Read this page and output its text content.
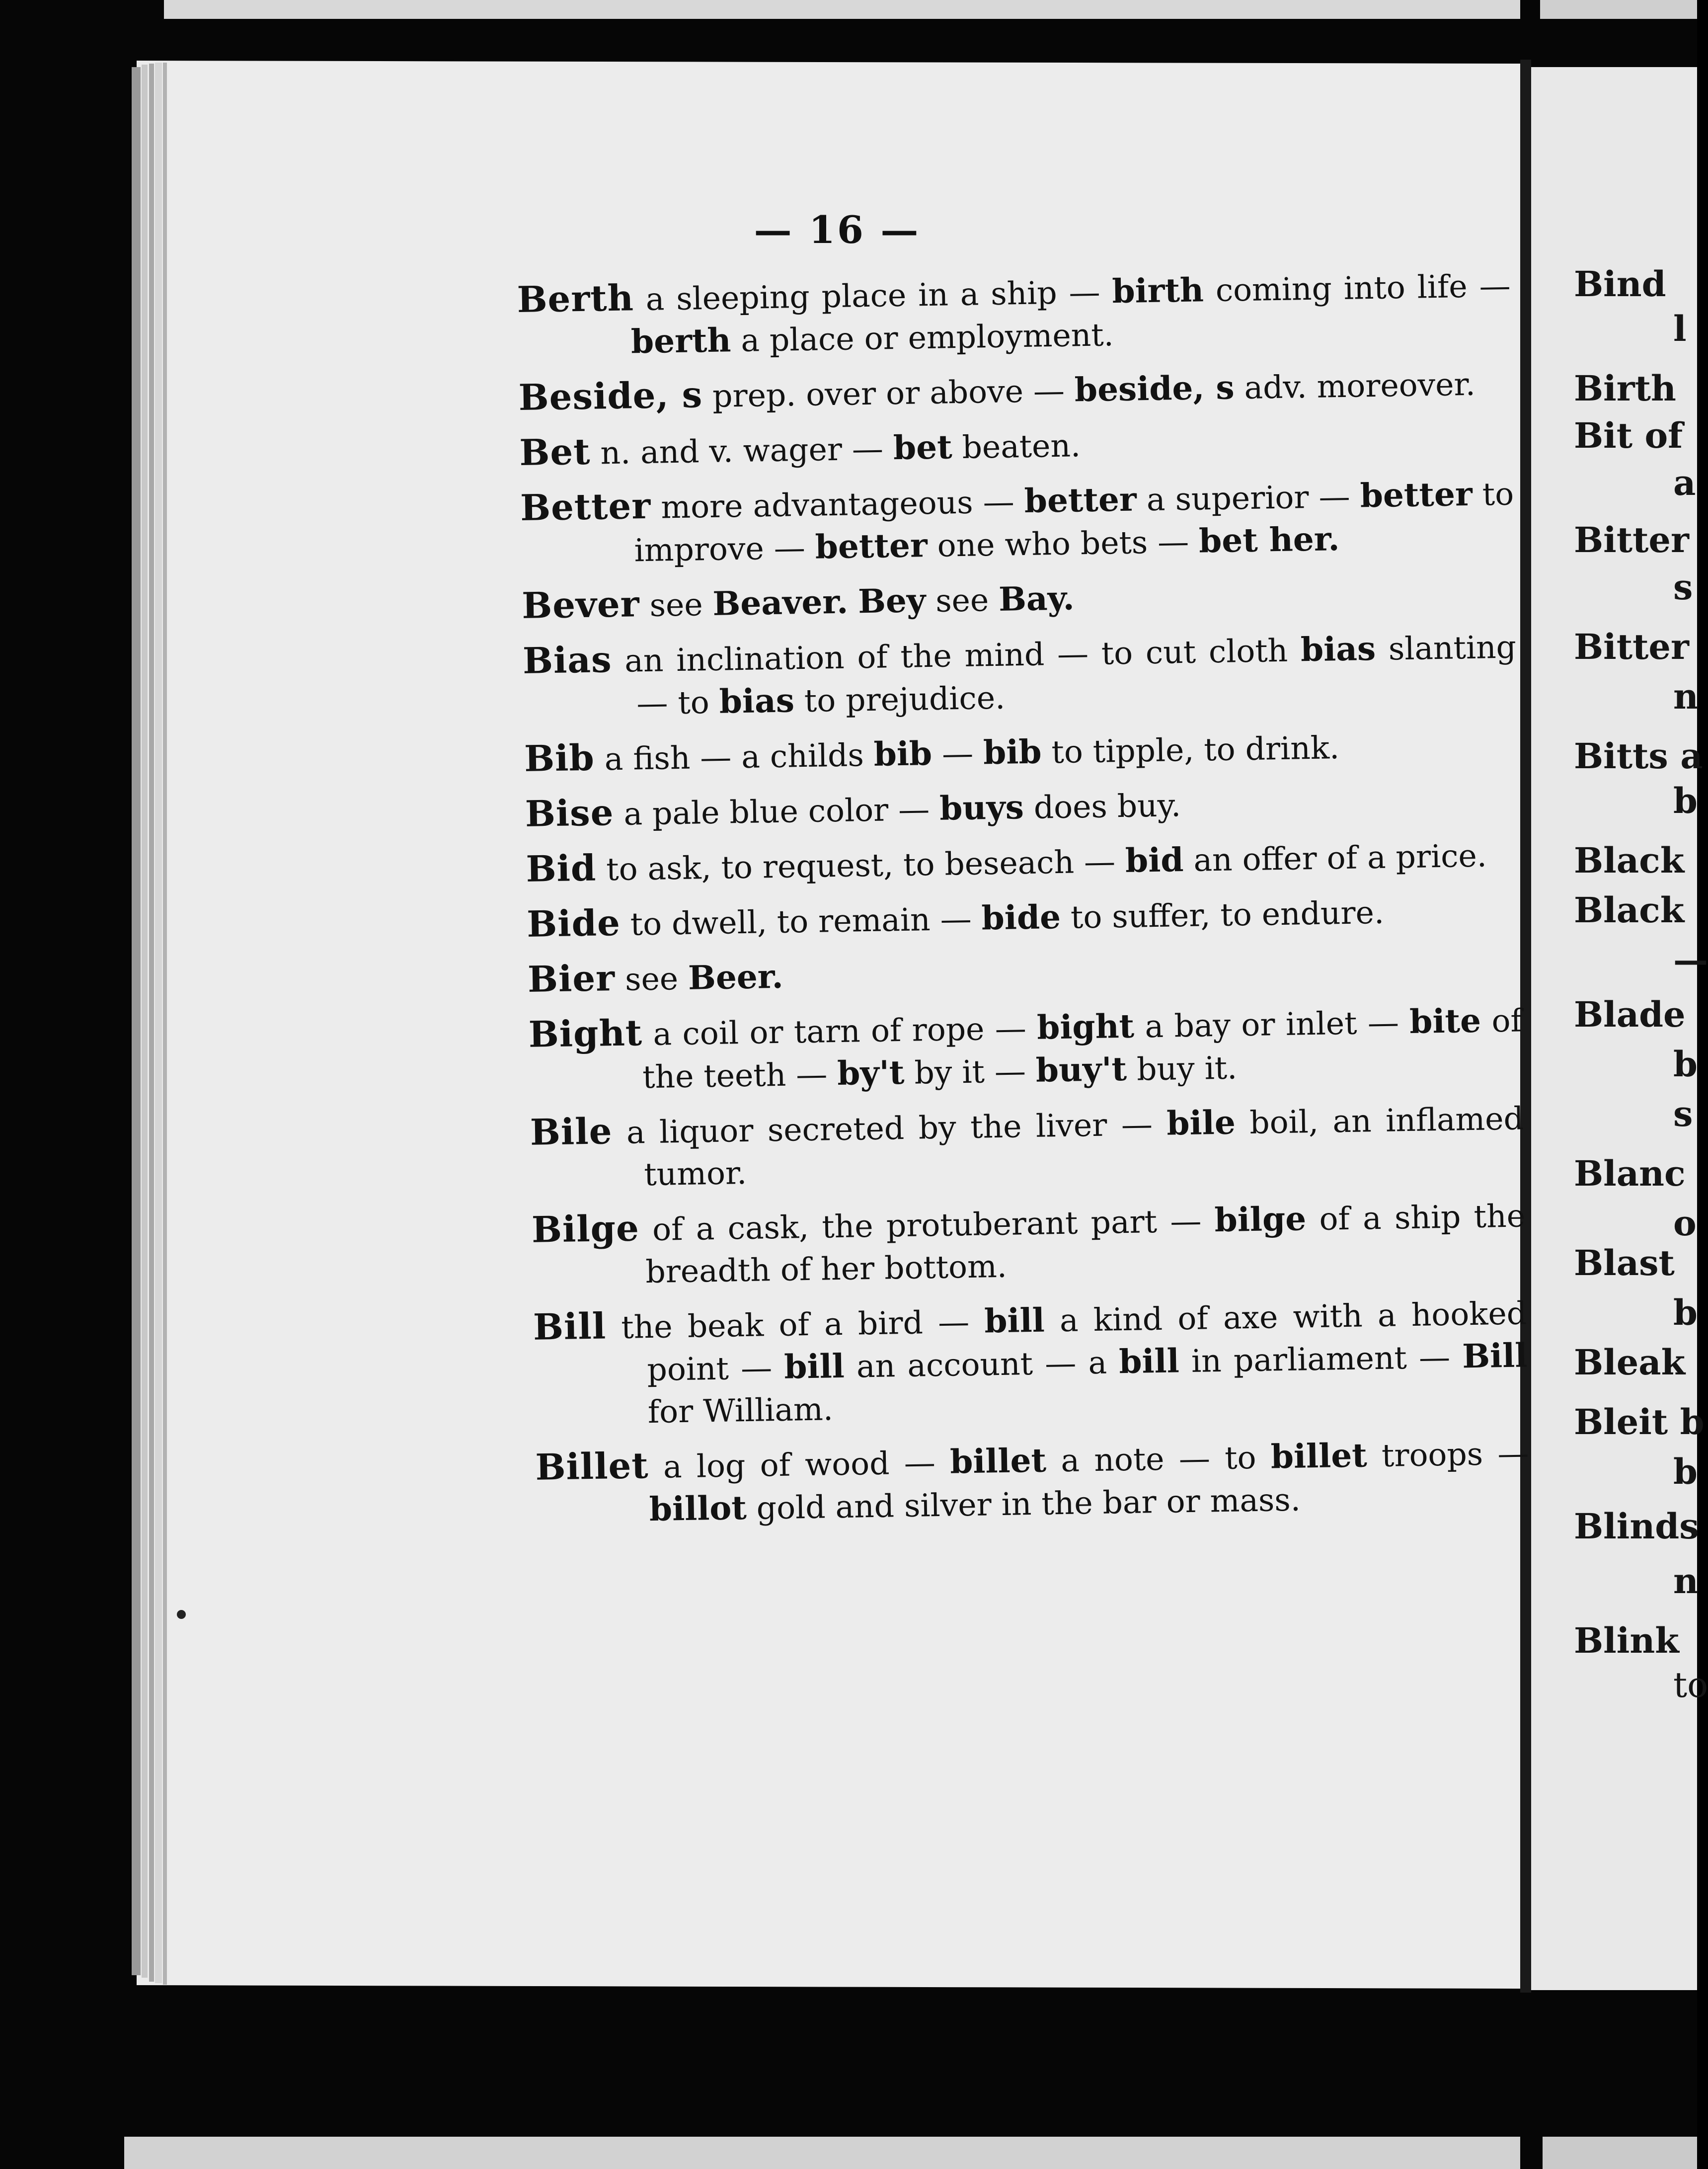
— 16 —
Berth a sleeping place in a ship — birth coming into life — berth a place or employment.
Beside, s prep. over or above — beside, s adv. moreover.
Bet n. and v. wager — bet beaten.
Better more advantageous — better a superior — better to improve — better one who bets — bet her.
Bever see Beaver. Bey see Bay.
Bias an inclination of the mind — to cut cloth bias slanting — to bias to prejudice.
Bib a fish — a childs bib — bib to tipple, to drink.
Bise a pale blue color — buys does buy.
Bid to ask, to request, to beseach — bid an offer of a price.
Bide to dwell, to remain — bide to suffer, to endure.
Bier see Beer.
Bight a coil or tarn of rope — bight a bay or inlet — bite of the teeth — by't by it — buy't buy it.
Bile a liquor secreted by the liver — bile boil, an inflamed tumor.
Bilge of a cask, the protuberant part — bilge of a ship the breadth of her bottom.
Bill the beak of a bird — bill a kind of axe with a hooked point — bill an account — a bill in parliament — Bill for William.
Billet a log of wood — billet a note — to billet troops — billot gold and silver in the bar or mass.
Bind
l
Birth
Bit of
a
Bitter
s
Bitter
n
Bitts a
b
Black
Black
—
Blade
b
s
Blanc
o
Blast
b
Bleak
Bleit b
b
Blinds
n
Blink
to
